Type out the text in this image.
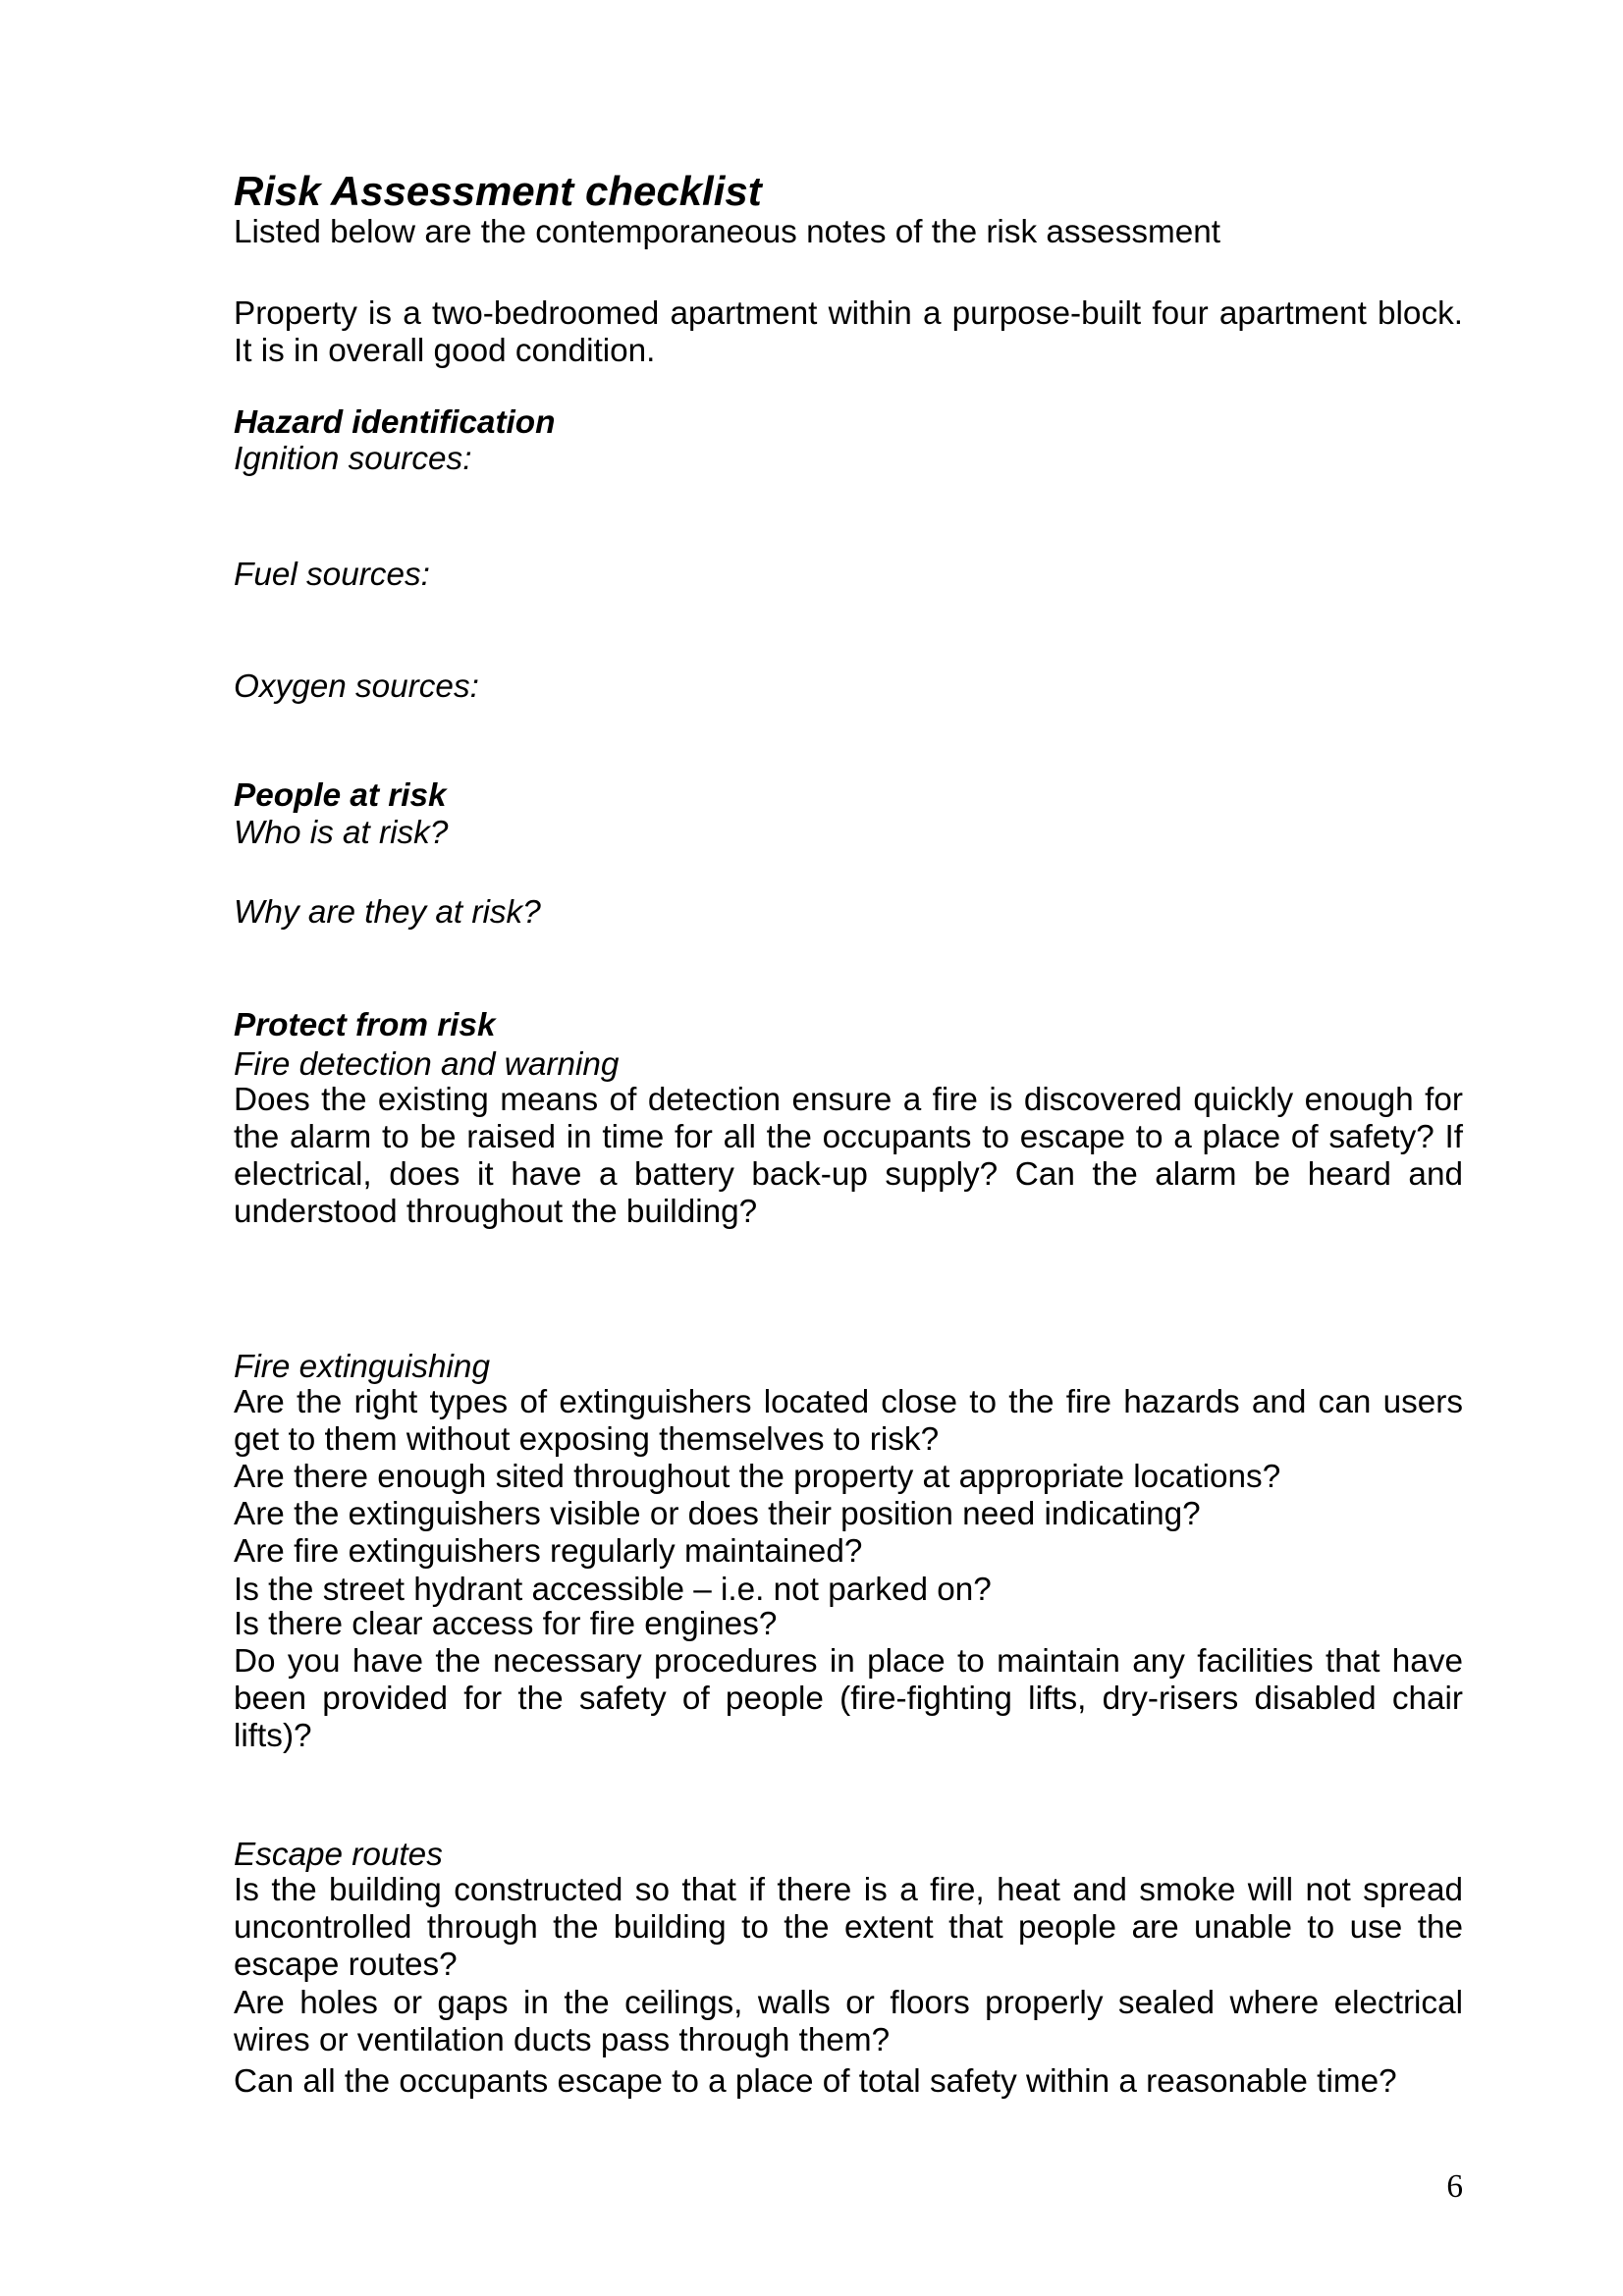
Risk Assessment checklist

Listed below are the contemporaneous notes of the risk assessment

Property is a two-bedroomed apartment within a purpose-built four apartment block. It is in overall good condition.

Hazard identification

Ignition sources:

Fuel sources:

Oxygen sources:

People at risk

Who is at risk?

Why are they at risk?

Protect from risk

Fire detection and warning

Does the existing means of detection ensure a fire is discovered quickly enough for the alarm to be raised in time for all the occupants to escape to a place of safety? If electrical, does it have a battery back-up supply? Can the alarm be heard and understood throughout the building?

Fire extinguishing

Are the right types of extinguishers located close to the fire hazards and can users get to them without exposing themselves to risk?

Are there enough sited throughout the property at appropriate locations?

Are the extinguishers visible or does their position need indicating?

Are fire extinguishers regularly maintained?

Is the street hydrant accessible – i.e. not parked on?

Is there clear access for fire engines?

Do you have the necessary procedures in place to maintain any facilities that have been provided for the safety of people (fire-fighting lifts, dry-risers disabled chair lifts)?

Escape routes

Is the building constructed so that if there is a fire, heat and smoke will not spread uncontrolled through the building to the extent that people are unable to use the escape routes?

Are holes or gaps in the ceilings, walls or floors properly sealed where electrical wires or ventilation ducts pass through them?

Can all the occupants escape to a place of total safety within a reasonable time?

6
